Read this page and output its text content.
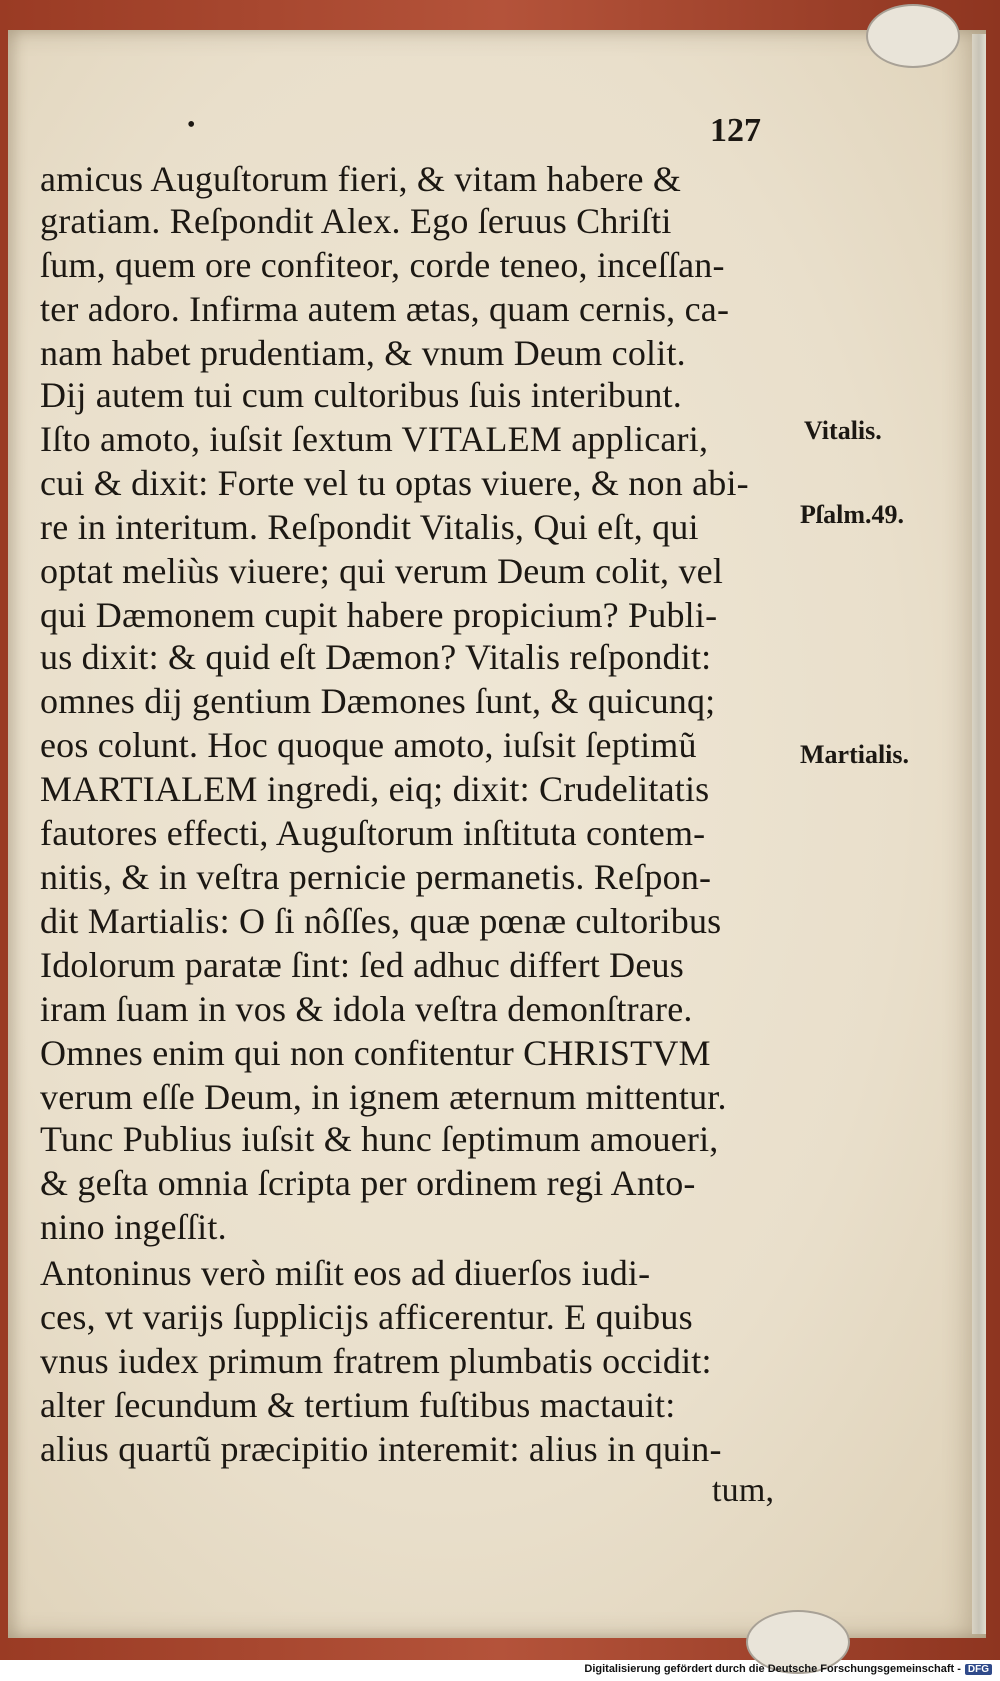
•	127
amicus Auguſtorum fieri, & vitam habere &
gratiam. Reſpondit Alex. Ego ſeruus Chriſti
ſum, quem ore confiteor, corde teneo, inceſſan-
ter adoro. Infirma autem ætas, quam cernis, ca-
nam habet prudentiam, & vnum Deum colit.
Dij autem tui cum cultoribus ſuis interibunt.
Iſto amoto, iuſsit ſextum VITALEM applicari,
cui & dixit: Forte vel tu optas viuere, & non abi-
re in interitum. Reſpondit Vitalis, Qui eſt, qui
optat meliùs viuere; qui verum Deum colit, vel
qui Dæmonem cupit habere propicium? Publi-
us dixit: & quid eſt Dæmon? Vitalis reſpondit:
omnes dij gentium Dæmones ſunt, & quicunq;
eos colunt. Hoc quoque amoto, iuſsit ſeptimũ
MARTIALEM ingredi, eiq; dixit: Crudelitatis
fautores effecti, Auguſtorum inſtituta contem-
nitis, & in veſtra pernicie permanetis. Reſpon-
dit Martialis: O ſi nôſſes, quæ pœnæ cultoribus
Idolorum paratæ ſint: ſed adhuc differt Deus
iram ſuam in vos & idola veſtra demonſtrare.
Omnes enim qui non confitentur CHRISTVM
verum eſſe Deum, in ignem æternum mittentur.
Tunc Publius iuſsit & hunc ſeptimum amoueri,
& geſta omnia ſcripta per ordinem regi Anto-
nino ingeſſit.
Antoninus verò miſit eos ad diuerſos iudi-
ces, vt varijs ſupplicijs afficerentur. E quibus
vnus iudex primum fratrem plumbatis occidit:
alter ſecundum & tertium fuſtibus mactauit:
alius quartũ præcipitio interemit: alius in quin-
tum,
Vitalis.
Pſalm.49.
Martialis.
Digitalisierung gefördert durch die Deutsche Forschungsgemeinschaft - DFG
